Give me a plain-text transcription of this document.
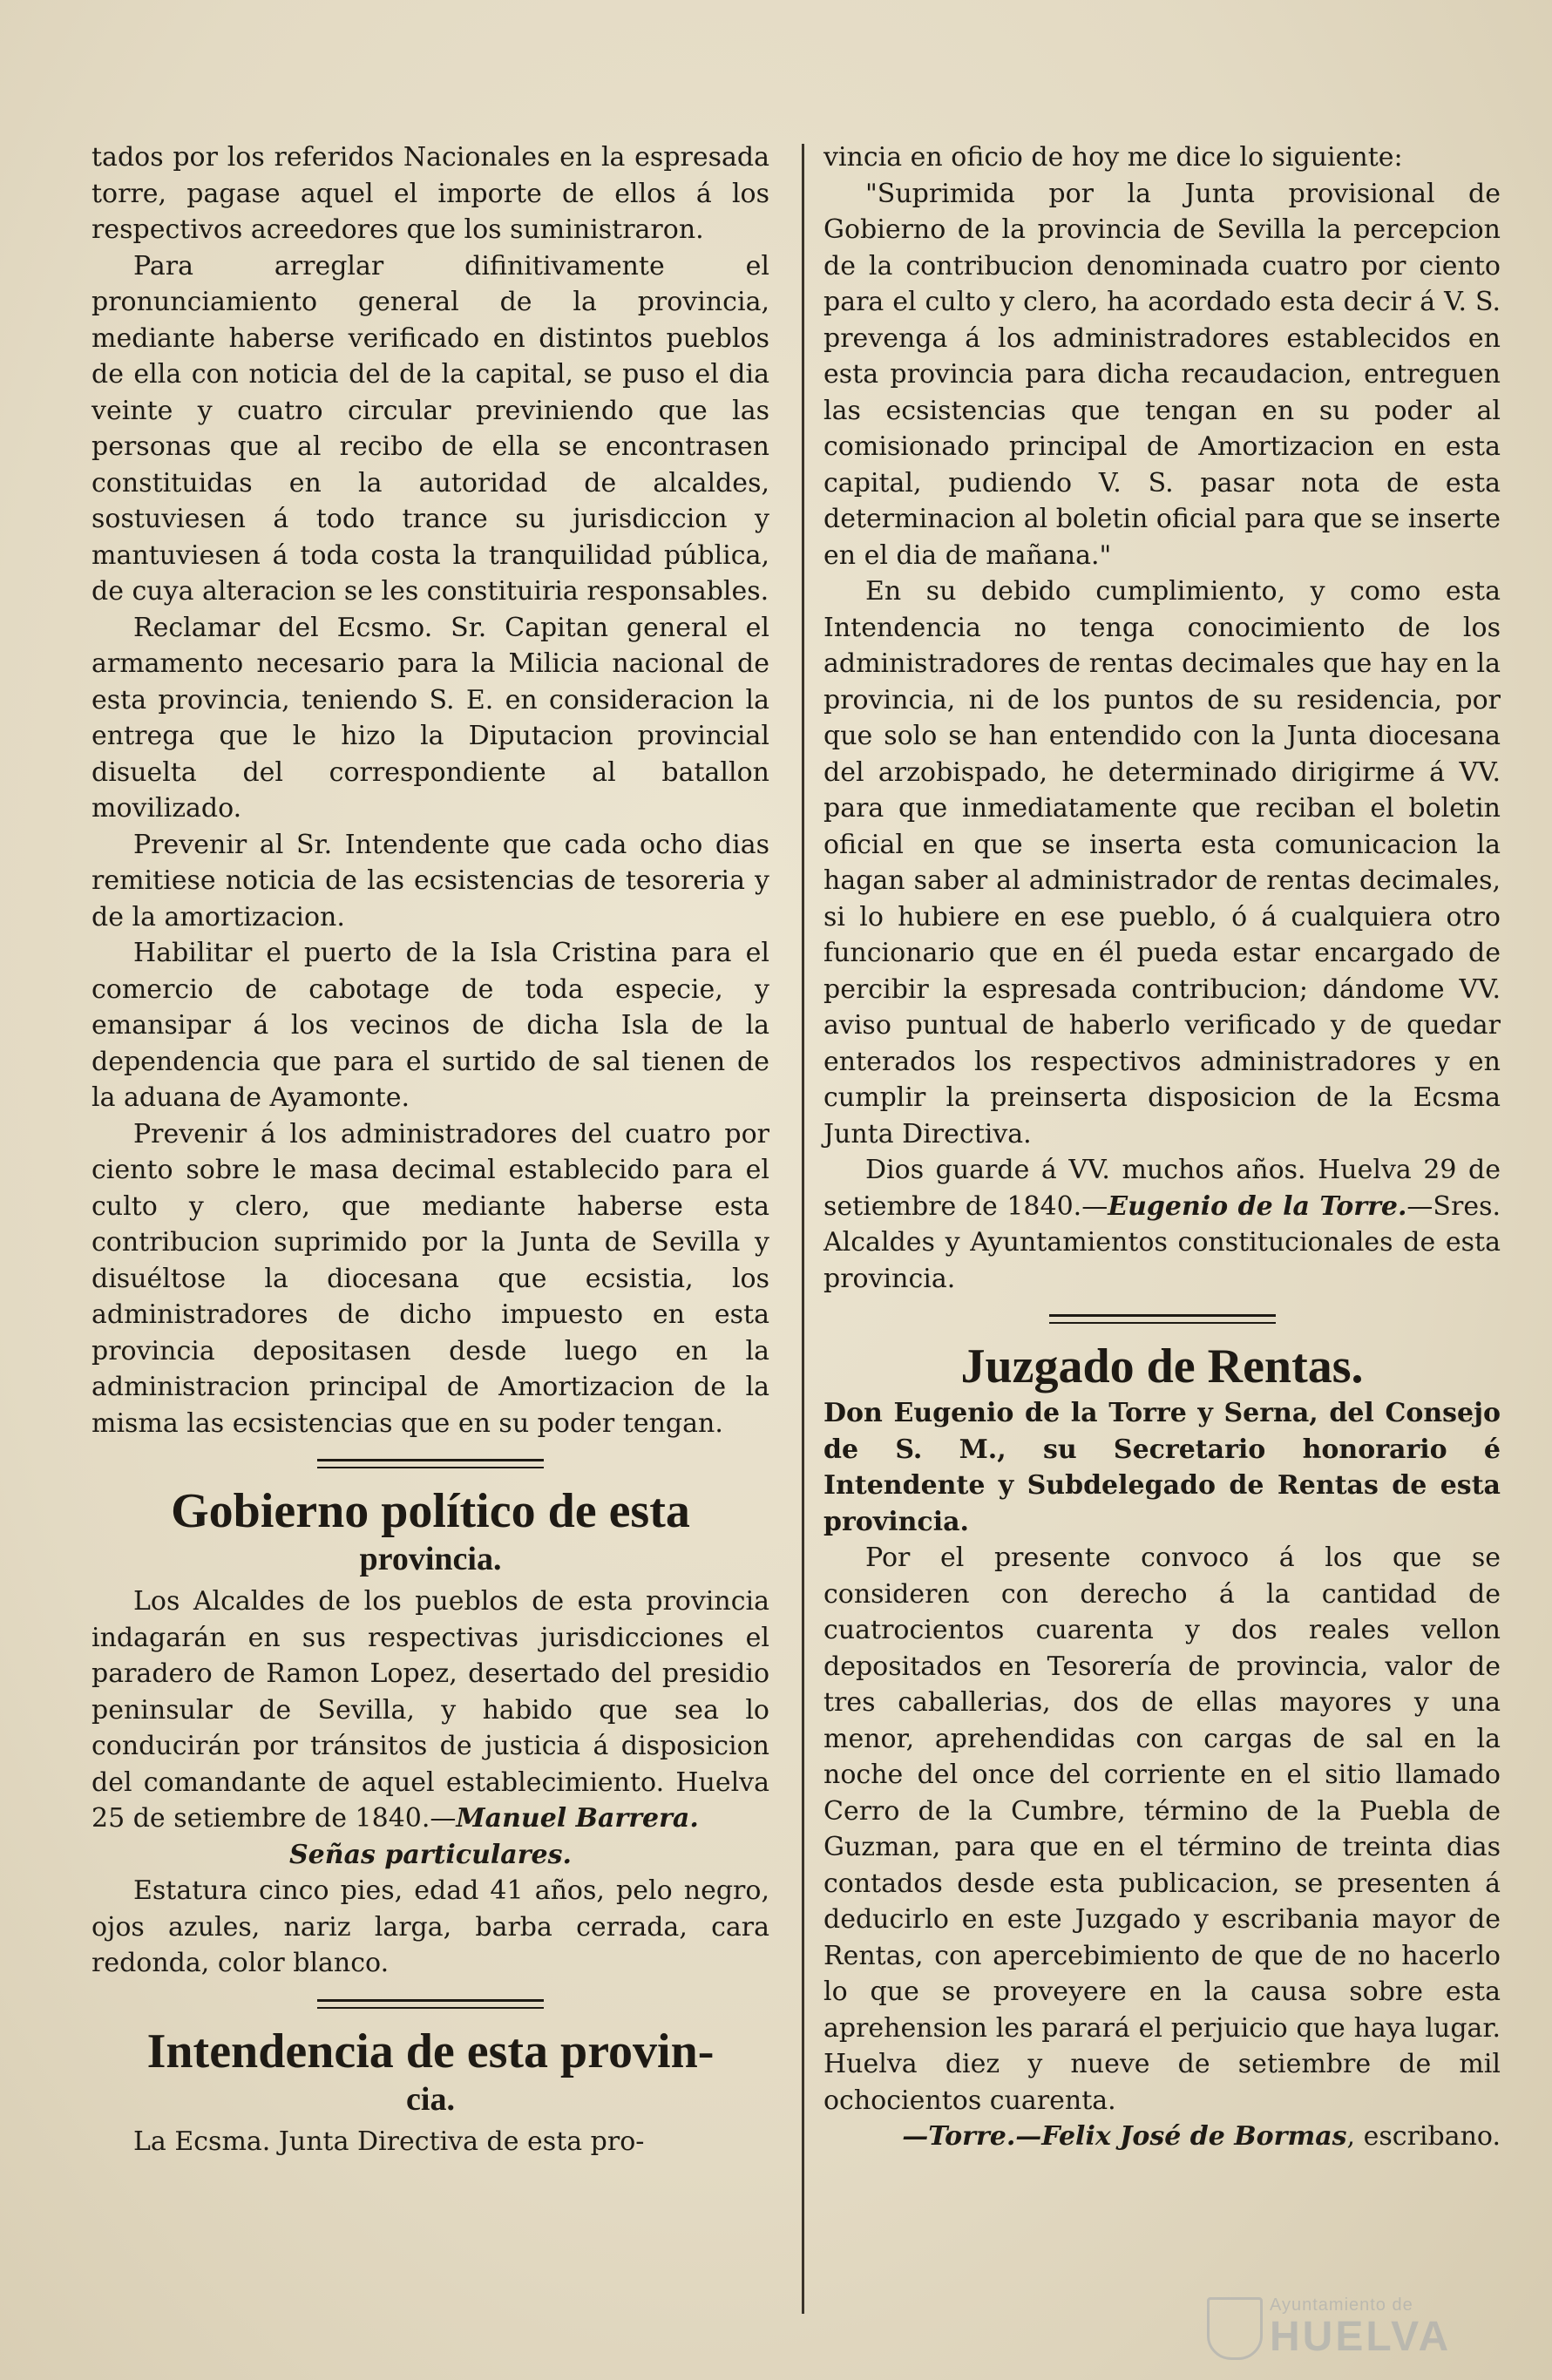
tados por los referidos Nacionales en la espresada torre, pagase aquel el importe de ellos á los respectivos acreedores que los suministraron.

Para arreglar difinitivamente el pronunciamiento general de la provincia, mediante haberse verificado en distintos pueblos de ella con noticia del de la capital, se puso el dia veinte y cuatro circular previniendo que las personas que al recibo de ella se encontrasen constituidas en la autoridad de alcaldes, sostuviesen á todo trance su jurisdiccion y mantuviesen á toda costa la tranquilidad pública, de cuya alteracion se les constituiria responsables.

Reclamar del Ecsmo. Sr. Capitan general el armamento necesario para la Milicia nacional de esta provincia, teniendo S. E. en consideracion la entrega que le hizo la Diputacion provincial disuelta del correspondiente al batallon movilizado.

Prevenir al Sr. Intendente que cada ocho dias remitiese noticia de las ecsistencias de tesoreria y de la amortizacion.

Habilitar el puerto de la Isla Cristina para el comercio de cabotage de toda especie, y emansipar á los vecinos de dicha Isla de la dependencia que para el surtido de sal tienen de la aduana de Ayamonte.

Prevenir á los administradores del cuatro por ciento sobre le masa decimal establecido para el culto y clero, que mediante haberse esta contribucion suprimido por la Junta de Sevilla y disuéltose la diocesana que ecsistia, los administradores de dicho impuesto en esta provincia depositasen desde luego en la administracion principal de Amortizacion de la misma las ecsistencias que en su poder tengan.

Gobierno político de esta
provincia.

Los Alcaldes de los pueblos de esta provincia indagarán en sus respectivas jurisdicciones el paradero de Ramon Lopez, desertado del presidio peninsular de Sevilla, y habido que sea lo conducirán por tránsitos de justicia á disposicion del comandante de aquel establecimiento. Huelva 25 de setiembre de 1840.—Manuel Barrera.

Señas particulares.

Estatura cinco pies, edad 41 años, pelo negro, ojos azules, nariz larga, barba cerrada, cara redonda, color blanco.

Intendencia de esta provin-
cia.

La Ecsma. Junta Directiva de esta pro-

vincia en oficio de hoy me dice lo siguiente:

"Suprimida por la Junta provisional de Gobierno de la provincia de Sevilla la percepcion de la contribucion denominada cuatro por ciento para el culto y clero, ha acordado esta decir á V. S. prevenga á los administradores establecidos en esta provincia para dicha recaudacion, entreguen las ecsistencias que tengan en su poder al comisionado principal de Amortizacion en esta capital, pudiendo V. S. pasar nota de esta determinacion al boletin oficial para que se inserte en el dia de mañana."

En su debido cumplimiento, y como esta Intendencia no tenga conocimiento de los administradores de rentas decimales que hay en la provincia, ni de los puntos de su residencia, por que solo se han entendido con la Junta diocesana del arzobispado, he determinado dirigirme á VV. para que inmediatamente que reciban el boletin oficial en que se inserta esta comunicacion la hagan saber al administrador de rentas decimales, si lo hubiere en ese pueblo, ó á cualquiera otro funcionario que en él pueda estar encargado de percibir la espresada contribucion; dándome VV. aviso puntual de haberlo verificado y de quedar enterados los respectivos administradores y en cumplir la preinserta disposicion de la Ecsma Junta Directiva.

Dios guarde á VV. muchos años. Huelva 29 de setiembre de 1840.—Eugenio de la Torre.—Sres. Alcaldes y Ayuntamientos constitucionales de esta provincia.

Juzgado de Rentas.

Don Eugenio de la Torre y Serna, del Consejo de S. M., su Secretario honorario é Intendente y Subdelegado de Rentas de esta provincia.

Por el presente convoco á los que se consideren con derecho á la cantidad de cuatrocientos cuarenta y dos reales vellon depositados en Tesorería de provincia, valor de tres caballerias, dos de ellas mayores y una menor, aprehendidas con cargas de sal en la noche del once del corriente en el sitio llamado Cerro de la Cumbre, término de la Puebla de Guzman, para que en el término de treinta dias contados desde esta publicacion, se presenten á deducirlo en este Juzgado y escribania mayor de Rentas, con apercebimiento de que de no hacerlo lo que se proveyere en la causa sobre esta aprehension les parará el perjuicio que haya lugar. Huelva diez y nueve de setiembre de mil ochocientos cuarenta.

—Torre.—Felix José de Bormas, escribano.

Ayuntamiento de
HUELVA
